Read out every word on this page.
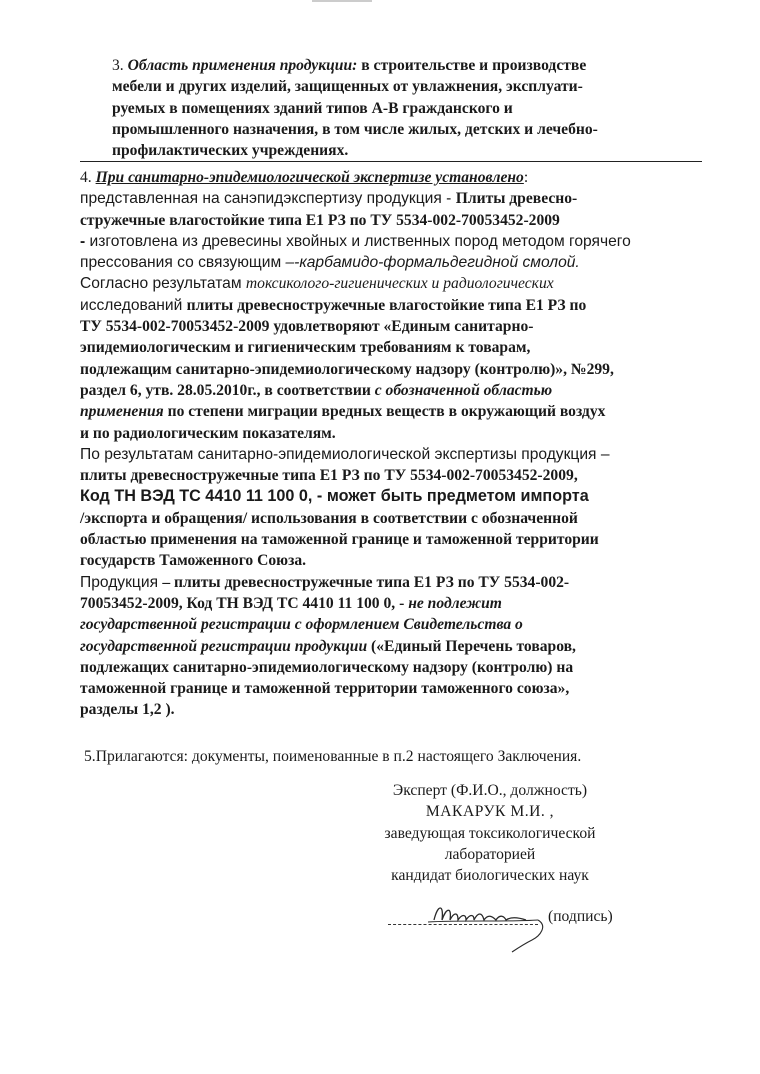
3. Область применения продукции: в строительстве и производстве
мебели и других изделий, защищенных от увлажнения, эксплуати-
руемых в помещениях зданий типов А-В гражданского и
промышленного назначения, в том числе жилых, детских и лечебно-
профилактических учреждениях.
4. При санитарно-эпидемиологической экспертизе установлено:
представленная на санэпидэкспертизу продукция - Плиты древесно-
стружечные влагостойкие типа Е1 РЗ по ТУ 5534-002-70053452-2009
- изготовлена из древесины хвойных и лиственных пород методом горячего
прессования со связующим –-карбамидо-формальдегидной смолой.
Согласно результатам токсиколого-гигиенических и радиологических
исследований плиты древесностружечные влагостойкие типа Е1 РЗ по
ТУ 5534-002-70053452-2009 удовлетворяют «Единым санитарно-
эпидемиологическим и гигиеническим требованиям к товарам,
подлежащим санитарно-эпидемиологическому надзору (контролю)», №299,
раздел 6, утв. 28.05.2010г., в соответствии с обозначенной областью
применения по степени миграции вредных веществ в окружающий воздух
и по радиологическим показателям.
По результатам санитарно-эпидемиологической экспертизы продукция –
плиты древесностружечные типа Е1 РЗ по ТУ 5534-002-70053452-2009,
Код ТН ВЭД ТС 4410 11 100 0, - может быть предметом импорта
/экспорта и обращения/ использования в соответствии с обозначенной
областью применения на таможенной границе и таможенной территории
государств Таможенного Союза.
Продукция – плиты древесностружечные типа Е1 РЗ по ТУ 5534-002-
70053452-2009, Код ТН ВЭД ТС 4410 11 100 0, - не подлежит
государственной регистрации с оформлением Свидетельства о
государственной регистрации продукции («Единый Перечень товаров,
подлежащих санитарно-эпидемиологическому надзору (контролю) на
таможенной границе и таможенной территории таможенного союза»,
разделы 1,2 ).
5.Прилагаются: документы, поименованные в п.2 настоящего Заключения.
Эксперт (Ф.И.О., должность)
МАКАРУК М.И. ,
заведующая токсикологической
лабораторией
кандидат биологических наук
(подпись)
